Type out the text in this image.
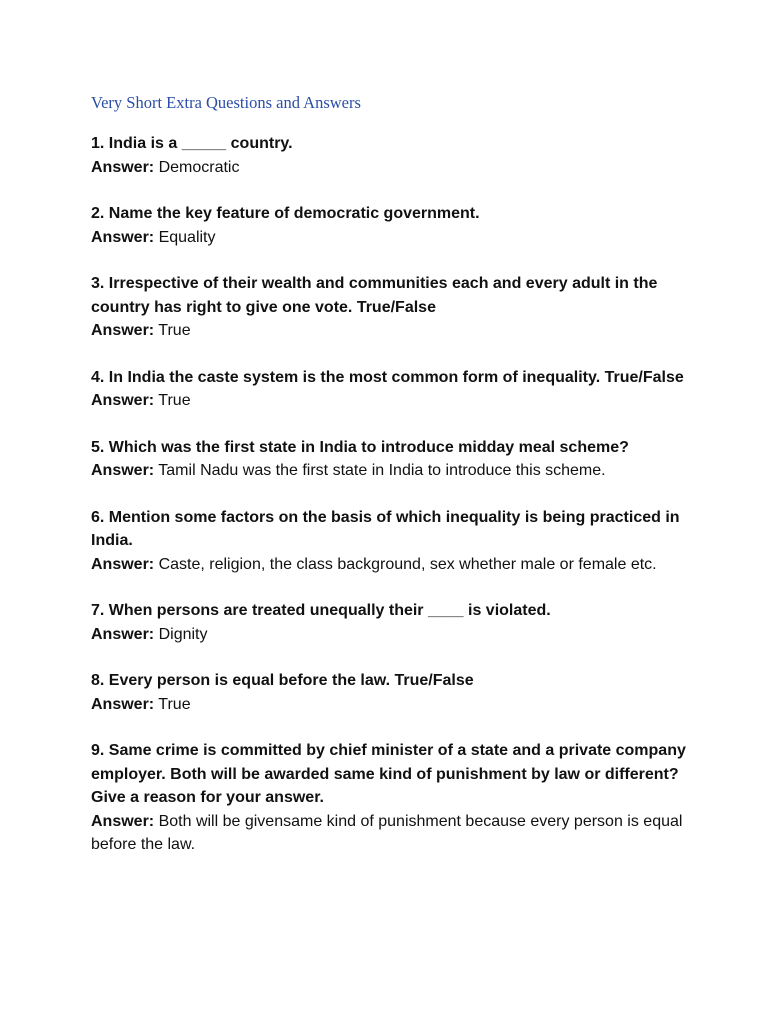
Very Short Extra Questions and Answers

1. India is a _____ country.

Answer: Democratic

2. Name the key feature of democratic government.

Answer: Equality

3. Irrespective of their wealth and communities each and every adult in the country has right to give one vote. True/False

Answer: True

4. In India the caste system is the most common form of inequality. True/False

Answer: True

5. Which was the first state in India to introduce midday meal scheme?

Answer: Tamil Nadu was the first state in India to introduce this scheme.

6. Mention some factors on the basis of which inequality is being practiced in India.

Answer: Caste, religion, the class background, sex whether male or female etc.

7. When persons are treated unequally their ____ is violated.

Answer: Dignity

8. Every person is equal before the law. True/False

Answer: True

9. Same crime is committed by chief minister of a state and a private company employer. Both will be awarded same kind of punishment by law or different? Give a reason for your answer.

Answer: Both will be givensame kind of punishment because every person is equal before the law.
